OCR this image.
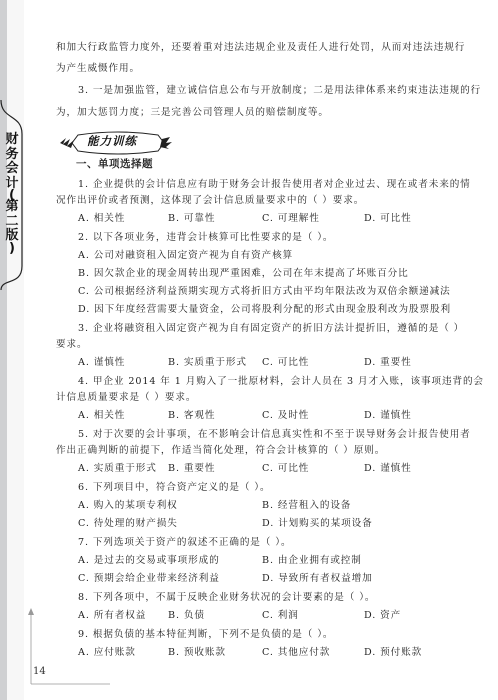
财
务
会
计
(
第
二
版
)
14
和加大行政监管力度外，还要着重对违法违规企业及责任人进行处罚，从而对违法违规行
为产生威慑作用。
3. 一是加强监管，建立诚信信息公布与开放制度；二是用法律体系来约束违法违规的行
为，加大惩罚力度；三是完善公司管理人员的赔偿制度等。
能力训练
一、单项选择题
1. 企业提供的会计信息应有助于财务会计报告使用者对企业过去、现在或者未来的情
况作出评价或者预测，这体现了会计信息质量要求中的（ ）要求。
A. 相关性	B. 可靠性	C. 可理解性	D. 可比性
2. 以下各项业务，违背会计核算可比性要求的是（ ）。
A. 公司对融资租入固定资产视为自有资产核算
B. 因欠款企业的现金周转出现严重困难，公司在年末提高了坏账百分比
C. 公司根据经济利益预期实现方式将折旧方式由平均年限法改为双倍余额递减法
D. 因下年度经营需要大量资金，公司将股利分配的形式由现金股利改为股票股利
3. 企业将融资租入固定资产视为自有固定资产的折旧方法计提折旧，遵循的是（ ）
要求。
A. 谨慎性	B. 实质重于形式 C. 可比性	D. 重要性
4. 甲企业 2014 年 1 月购入了一批原材料，会计人员在 3 月才入账，该事项违背的会
计信息质量要求是（ ）要求。
A. 相关性	B. 客观性	C. 及时性	D. 谨慎性
5. 对于次要的会计事项，在不影响会计信息真实性和不至于误导财务会计报告使用者
作出正确判断的前提下，作适当简化处理，符合会计核算的（ ）原则。
A. 实质重于形式 B. 重要性	C. 可比性	D. 谨慎性
6. 下列项目中，符合资产定义的是（ ）。
A. 购入的某项专利权	B. 经营租入的设备
C. 待处理的财产损失	D. 计划购买的某项设备
7. 下列选项关于资产的叙述不正确的是（ ）。
A. 是过去的交易或事项形成的	B. 由企业拥有或控制
C. 预期会给企业带来经济利益	D. 导致所有者权益增加
8. 下列各项中，不属于反映企业财务状况的会计要素的是（ ）。
A. 所有者权益 B. 负债	C. 利润	D. 资产
9. 根据负债的基本特征判断，下列不是负债的是（ ）。
A. 应付账款	B. 预收账款	C. 其他应付款	D. 预付账款
